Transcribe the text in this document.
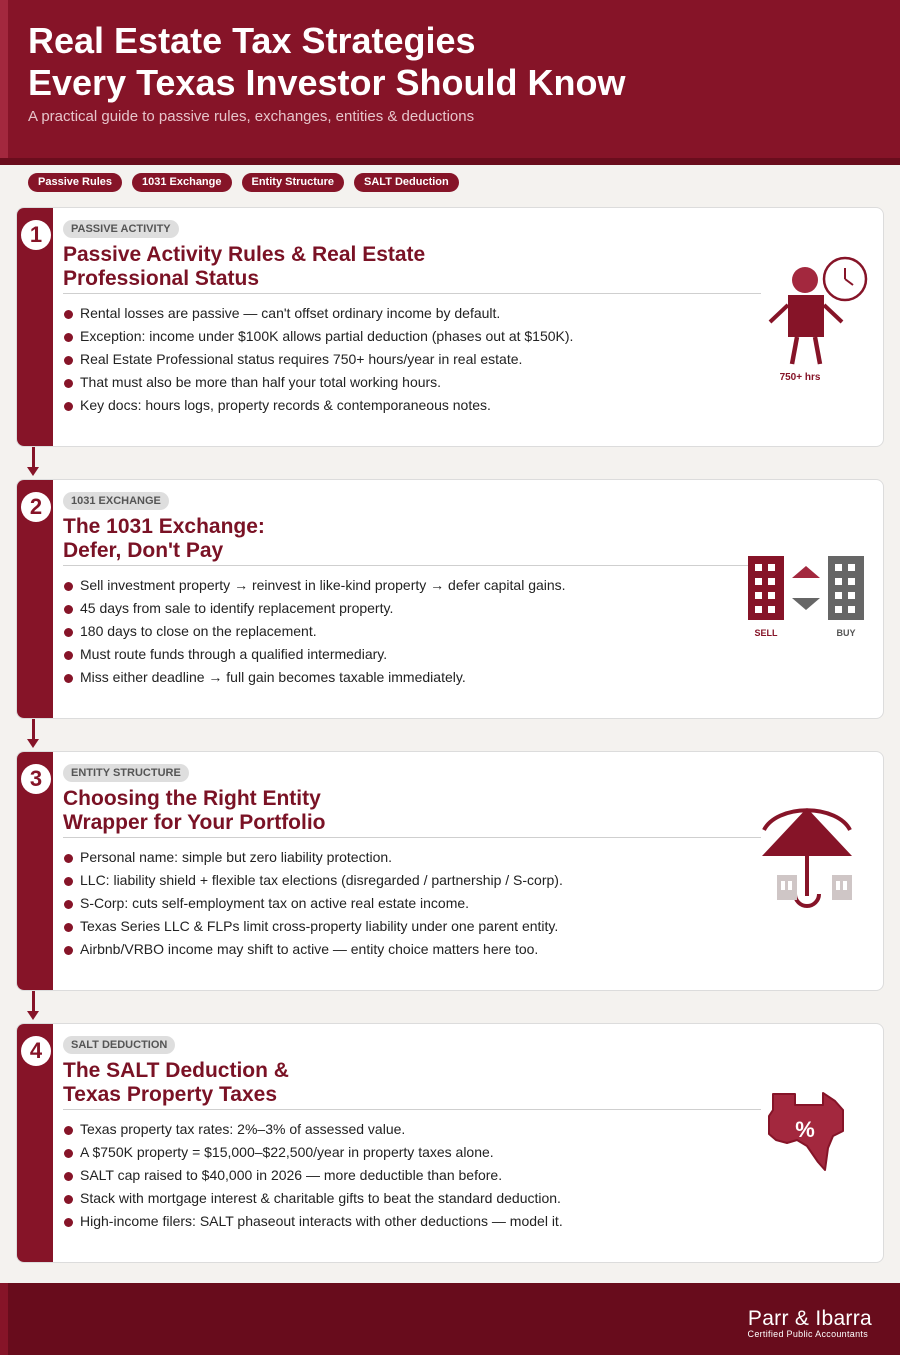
Real Estate Tax Strategies
Every Texas Investor Should Know
A practical guide to passive rules, exchanges, entities & deductions
Passive Rules	1031 Exchange	Entity Structure	SALT Deduction
1	PASSIVE ACTIVITY
Passive Activity Rules & Real Estate
Professional Status
Rental losses are passive — can't offset ordinary income by default.
Exception: income under $100K allows partial deduction (phases out at $150K).
Real Estate Professional status requires 750+ hours/year in real estate.
That must also be more than half your total working hours.
Key docs: hours logs, property records & contemporaneous notes.
750+ hrs
2	1031 EXCHANGE
The 1031 Exchange:
Defer, Don't Pay
Sell investment property → reinvest in like-kind property → defer capital gains.
45 days from sale to identify replacement property.
180 days to close on the replacement.
Must route funds through a qualified intermediary.
Miss either deadline → full gain becomes taxable immediately.
SELL	BUY
3	ENTITY STRUCTURE
Choosing the Right Entity
Wrapper for Your Portfolio
Personal name: simple but zero liability protection.
LLC: liability shield + flexible tax elections (disregarded / partnership / S-corp).
S-Corp: cuts self-employment tax on active real estate income.
Texas Series LLC & FLPs limit cross-property liability under one parent entity.
Airbnb/VRBO income may shift to active — entity choice matters here too.
4	SALT DEDUCTION
The SALT Deduction &
Texas Property Taxes
Texas property tax rates: 2%–3% of assessed value.
A $750K property = $15,000–$22,500/year in property taxes alone.
SALT cap raised to $40,000 in 2026 — more deductible than before.
Stack with mortgage interest & charitable gifts to beat the standard deduction.
High-income filers: SALT phaseout interacts with other deductions — model it.
%
Parr & Ibarra
Certified Public Accountants
